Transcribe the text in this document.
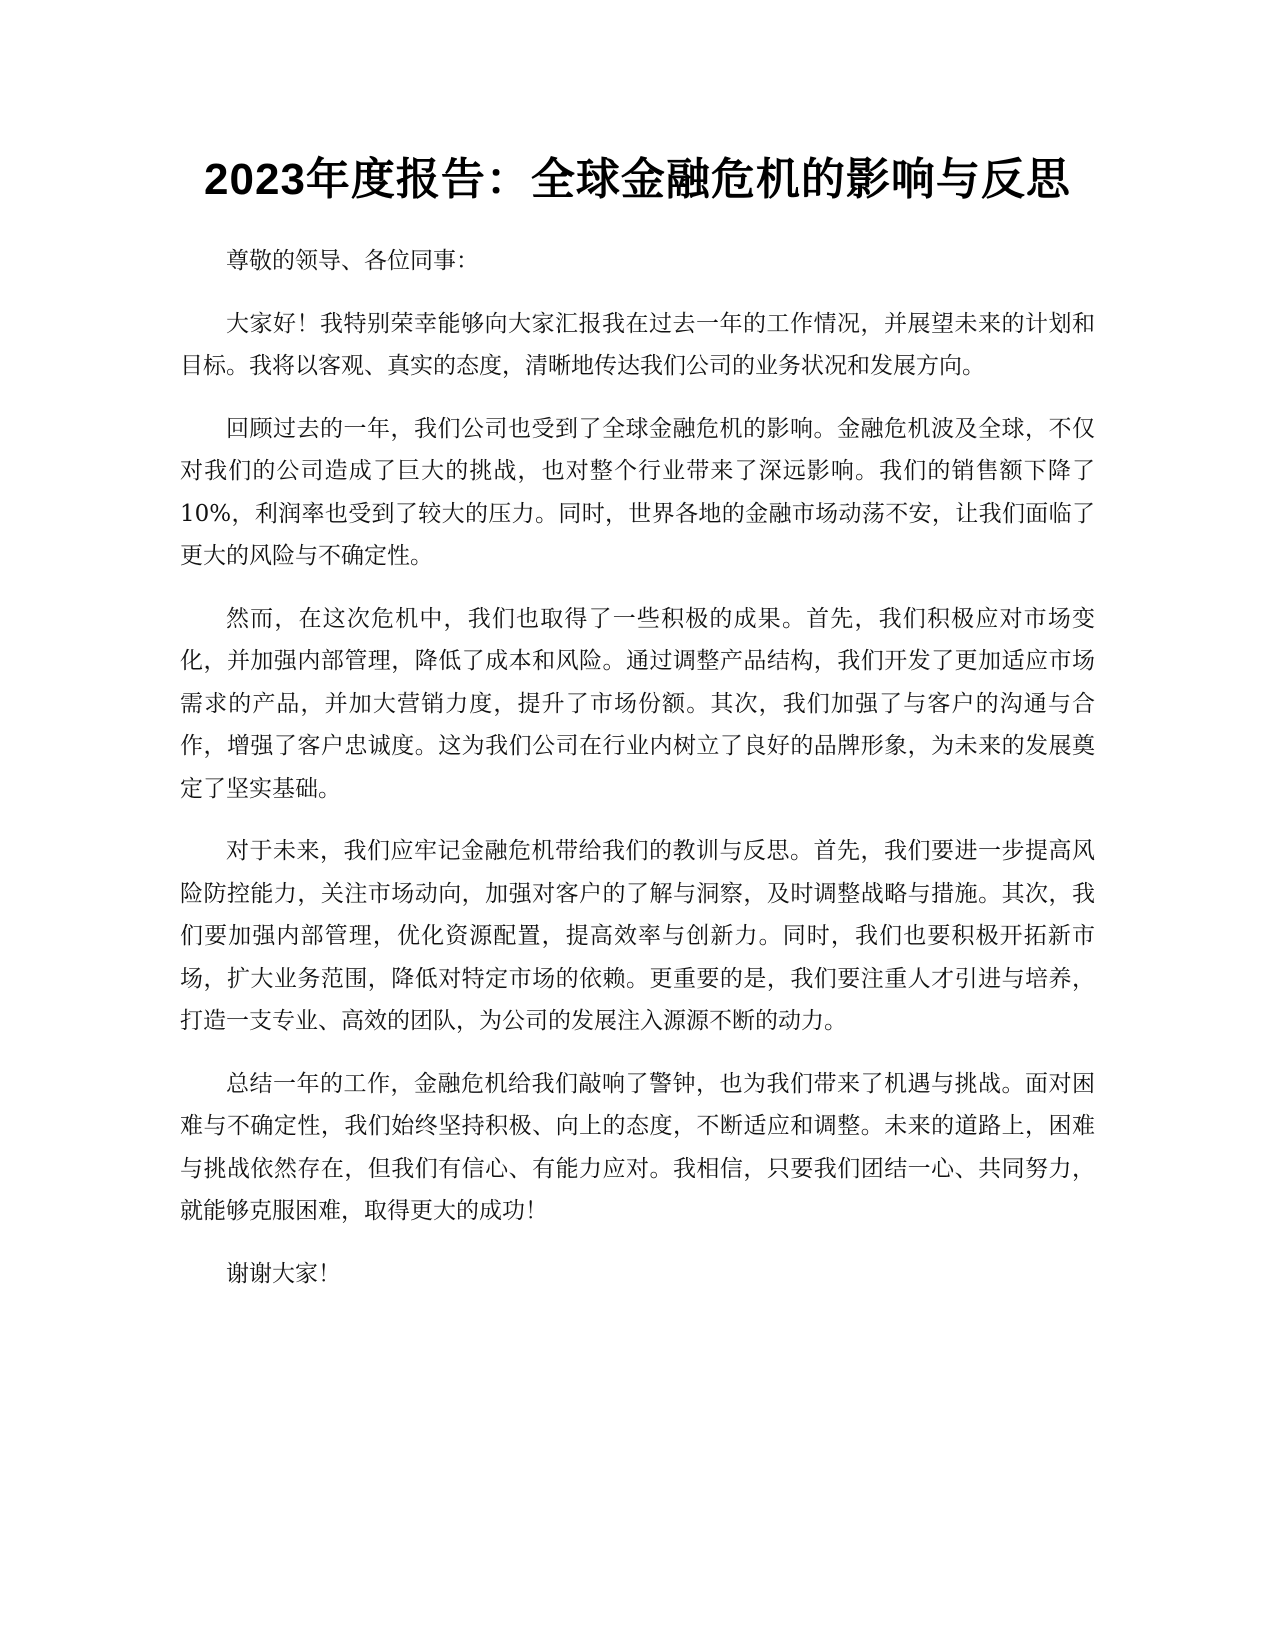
2023年度报告：全球金融危机的影响与反思

尊敬的领导、各位同事：

大家好！我特别荣幸能够向大家汇报我在过去一年的工作情况，并展望未来的计划和目标。我将以客观、真实的态度，清晰地传达我们公司的业务状况和发展方向。

回顾过去的一年，我们公司也受到了全球金融危机的影响。金融危机波及全球，不仅对我们的公司造成了巨大的挑战，也对整个行业带来了深远影响。我们的销售额下降了10%，利润率也受到了较大的压力。同时，世界各地的金融市场动荡不安，让我们面临了更大的风险与不确定性。

然而，在这次危机中，我们也取得了一些积极的成果。首先，我们积极应对市场变化，并加强内部管理，降低了成本和风险。通过调整产品结构，我们开发了更加适应市场需求的产品，并加大营销力度，提升了市场份额。其次，我们加强了与客户的沟通与合作，增强了客户忠诚度。这为我们公司在行业内树立了良好的品牌形象，为未来的发展奠定了坚实基础。

对于未来，我们应牢记金融危机带给我们的教训与反思。首先，我们要进一步提高风险防控能力，关注市场动向，加强对客户的了解与洞察，及时调整战略与措施。其次，我们要加强内部管理，优化资源配置，提高效率与创新力。同时，我们也要积极开拓新市场，扩大业务范围，降低对特定市场的依赖。更重要的是，我们要注重人才引进与培养，打造一支专业、高效的团队，为公司的发展注入源源不断的动力。

总结一年的工作，金融危机给我们敲响了警钟，也为我们带来了机遇与挑战。面对困难与不确定性，我们始终坚持积极、向上的态度，不断适应和调整。未来的道路上，困难与挑战依然存在，但我们有信心、有能力应对。我相信，只要我们团结一心、共同努力，就能够克服困难，取得更大的成功！

谢谢大家！
